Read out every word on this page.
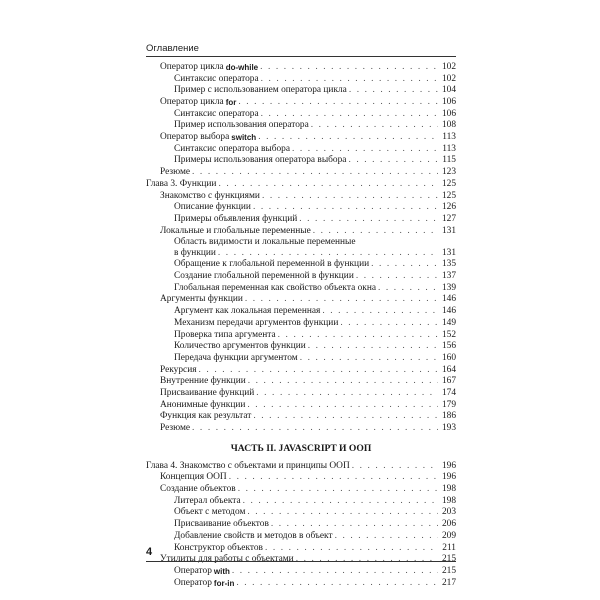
Оглавление
Оператор цикла do-while . . .	102
Синтаксис оператора . . .	102
Пример с использованием оператора цикла . . .	104
Оператор цикла for . . .	106
Синтаксис оператора . . .	106
Пример использования оператора . . .	108
Оператор выбора switch . . .	113
Синтаксис оператора выбора . . .	113
Примеры использования оператора выбора . . .	115
Резюме . . .	123
Глава 3. Функции . . .	125
Знакомство с функциями . . .	125
Описание функции . . .	126
Примеры объявления функций . . .	127
Локальные и глобальные переменные . . .	131
Область видимости и локальные переменные
в функции . . .	131
Обращение к глобальной переменной в функции . . .	135
Создание глобальной переменной в функции . . .	137
Глобальная переменная как свойство объекта окна . . .	139
Аргументы функции . . .	146
Аргумент как локальная переменная . . .	146
Механизм передачи аргументов функции . . .	149
Проверка типа аргумента . . .	152
Количество аргументов функции . . .	156
Передача функции аргументом . . .	160
Рекурсия . . .	164
Внутренние функции . . .	167
Присваивание функций . . .	174
Анонимные функции . . .	179
Функция как результат . . .	186
Резюме . . .	193
ЧАСТЬ II. JAVASCRIPT И ООП
Глава 4. Знакомство с объектами и принципы ООП . . .	196
Концепция ООП . . .	196
Создание объектов . . .	198
Литерал объекта . . .	198
Объект с методом . . .	203
Присваивание объектов . . .	206
Добавление свойств и методов в объект . . .	209
Конструктор объектов . . .	211
Утилиты для работы с объектами . . .	215
Оператор with . . .	215
Оператор for-in . . .	217
4
